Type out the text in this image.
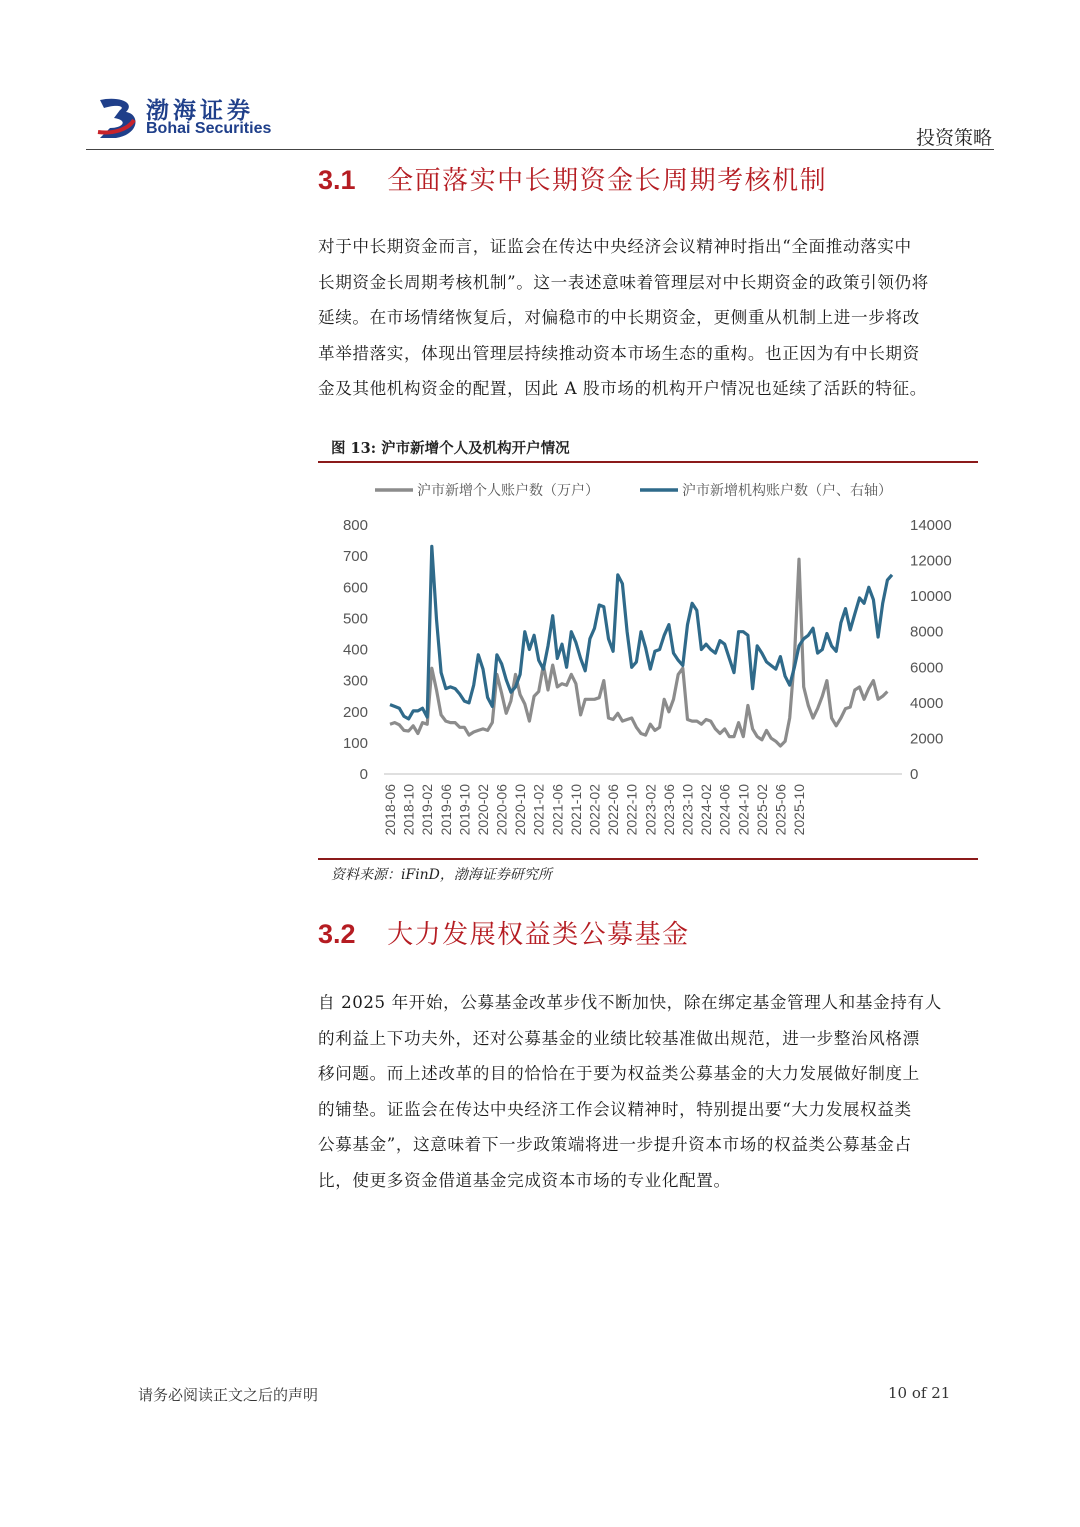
渤海证券
Bohai Securities	投资策略
3.1 全面落实中长期资金长周期考核机制
对于中长期资金而言，证监会在传达中央经济会议精神时指出“全面推动落实中
长期资金长周期考核机制”。这一表述意味着管理层对中长期资金的政策引领仍将
延续。在市场情绪恢复后，对偏稳市的中长期资金，更侧重从机制上进一步将改
革举措落实，体现出管理层持续推动资本市场生态的重构。也正因为有中长期资
金及其他机构资金的配置，因此 A 股市场的机构开户情况也延续了活跃的特征。
图 13: 沪市新增个人及机构开户情况
0
100
200
300
400
500
600
700
800
0
2000
4000
6000
8000
10000
12000
14000
2018-06 2018-10 2019-02 2019-06 2019-10 2020-02 2020-06 2020-10 2021-02 2021-06 2021-10 2022-02 2022-06 2022-10 2023-02 2023-06 2023-10 2024-02 2024-06 2024-10 2025-02 2025-06 2025-10
沪市新增个人账户数（万户）	沪市新增机构账户数（户、右轴）
资料来源：iFinD，渤海证券研究所
3.2 大力发展权益类公募基金
自 2025 年开始，公募基金改革步伐不断加快，除在绑定基金管理人和基金持有人
的利益上下功夫外，还对公募基金的业绩比较基准做出规范，进一步整治风格漂
移问题。而上述改革的目的恰恰在于要为权益类公募基金的大力发展做好制度上
的铺垫。证监会在传达中央经济工作会议精神时，特别提出要“大力发展权益类
公募基金”，这意味着下一步政策端将进一步提升资本市场的权益类公募基金占
比，使更多资金借道基金完成资本市场的专业化配置。
请务必阅读正文之后的声明	10 of 21
